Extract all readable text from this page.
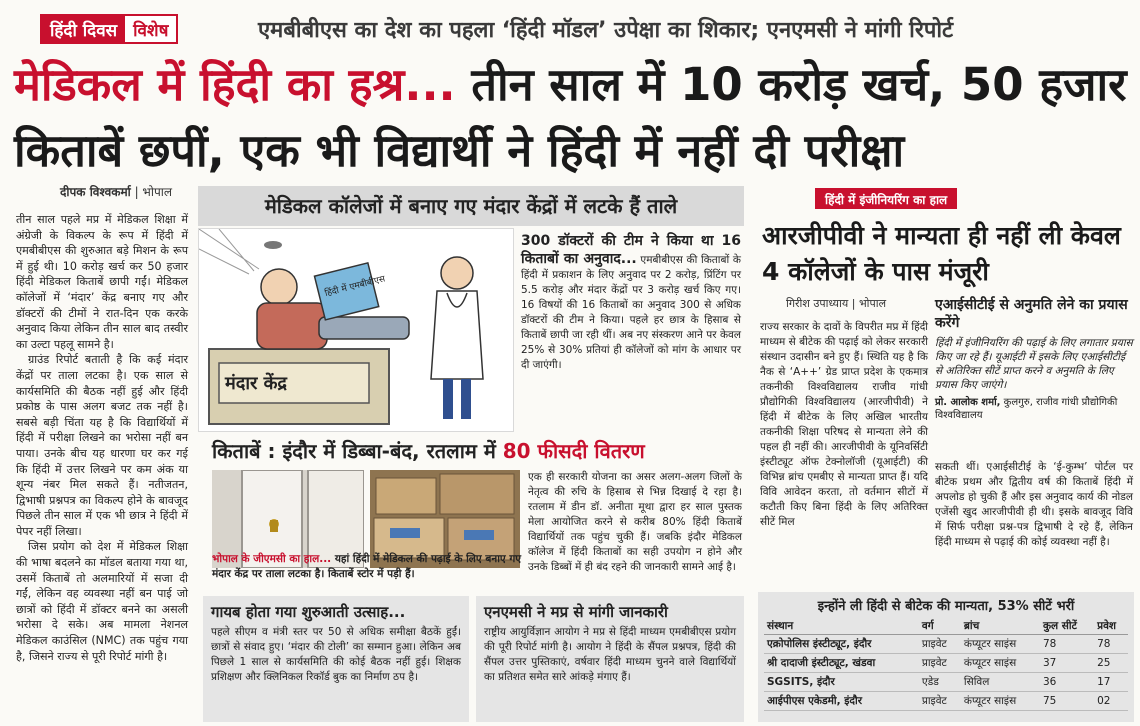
हिंदी दिवस विशेष	एमबीबीएस का देश का पहला ‘हिंदी मॉडल’ उपेक्षा का शिकार; एनएमसी ने मांगी रिपोर्ट
मेडिकल में हिंदी का हश्र... तीन साल में 10 करोड़ खर्च, 50 हजार किताबें छपीं, एक भी विद्यार्थी ने हिंदी में नहीं दी परीक्षा
दीपक विश्वकर्मा | भोपाल

तीन साल पहले मप्र में मेडिकल शिक्षा में अंग्रेजी के विकल्प के रूप में हिंदी में एमबीबीएस की शुरुआत बड़े मिशन के रूप में हुई थी। 10 करोड़ खर्च कर 50 हजार हिंदी मेडिकल किताबें छापी गईं। मेडिकल कॉलेजों में ‘मंदार’ केंद्र बनाए गए और डॉक्टरों की टीमों ने रात-दिन एक करके अनुवाद किया लेकिन तीन साल बाद तस्वीर का उल्टा पहलू सामने है।

ग्राउंड रिपोर्ट बताती है कि कई मंदार केंद्रों पर ताला लटका है। एक साल से कार्यसमिति की बैठक नहीं हुई और हिंदी प्रकोष्ठ के पास अलग बजट तक नहीं है। सबसे बड़ी चिंता यह है कि विद्यार्थियों में हिंदी में परीक्षा लिखने का भरोसा नहीं बन पाया। उनके बीच यह धारणा घर कर गई कि हिंदी में उत्तर लिखने पर कम अंक या शून्य नंबर मिल सकते हैं। नतीजतन, द्विभाषी प्रश्नपत्र का विकल्प होने के बावजूद पिछले तीन साल में एक भी छात्र ने हिंदी में पेपर नहीं लिखा।

जिस प्रयोग को देश में मेडिकल शिक्षा की भाषा बदलने का मॉडल बताया गया था, उसमें किताबें तो अलमारियों में सजा दी गईं, लेकिन वह व्यवस्था नहीं बन पाई जो छात्रों को हिंदी में डॉक्टर बनने का असली भरोसा दे सके। अब मामला नेशनल मेडिकल काउंसिल (NMC) तक पहुंच गया है, जिसने राज्य से पूरी रिपोर्ट मांगी है।

मेडिकल कॉलेजों में बनाए गए मंदार केंद्रों में लटके हैं ताले
मंदार केंद्र
हिंदी में एमबीबीएस
300 डॉक्टरों की टीम ने किया था 16 किताबों का अनुवाद... एमबीबीएस की किताबों के हिंदी में प्रकाशन के लिए अनुवाद पर 2 करोड़, प्रिंटिंग पर 5.5 करोड़ और मंदार केंद्रों पर 3 करोड़ खर्च किए गए। 16 विषयों की 16 किताबों का अनुवाद 300 से अधिक डॉक्टरों की टीम ने किया। पहले हर छात्र के हिसाब से किताबें छापी जा रही थीं। अब नए संस्करण आने पर केवल 25% से 30% प्रतियां ही कॉलेजों को मांग के आधार पर दी जाएंगी।
किताबें : इंदौर में डिब्बा-बंद, रतलाम में 80 फीसदी वितरण
भोपाल के जीएमसी का हाल... यहां हिंदी में मेडिकल की पढ़ाई के लिए बनाए गए मंदार केंद्र पर ताला लटका है। किताबें स्टोर में पड़ी हैं।
एक ही सरकारी योजना का असर अलग-अलग जिलों के नेतृत्व की रुचि के हिसाब से भिन्न दिखाई दे रहा है। रतलाम में डीन डॉ. अनीता मूथा द्वारा हर साल पुस्तक मेला आयोजित करने से करीब 80% हिंदी किताबें विद्यार्थियों तक पहुंच चुकी हैं। जबकि इंदौर मेडिकल कॉलेज में हिंदी किताबों का सही उपयोग न होने और उनके डिब्बों में ही बंद रहने की जानकारी सामने आई है।
गायब होता गया शुरुआती उत्साह...
पहले सीएम व मंत्री स्तर पर 50 से अधिक समीक्षा बैठकें हुईं। छात्रों से संवाद हुए। ‘मंदार की टोली’ का सम्मान हुआ। लेकिन अब पिछले 1 साल से कार्यसमिति की कोई बैठक नहीं हुई। शिक्षक प्रशिक्षण और क्लिनिकल रिकॉर्ड बुक का निर्माण ठप है।
एनएमसी ने मप्र से मांगी जानकारी
राष्ट्रीय आयुर्विज्ञान आयोग ने मप्र से हिंदी माध्यम एमबीबीएस प्रयोग की पूरी रिपोर्ट मांगी है। आयोग ने हिंदी के सैंपल प्रश्नपत्र, हिंदी की सैंपल उत्तर पुस्तिकाएं, वर्षवार हिंदी माध्यम चुनने वाले विद्यार्थियों का प्रतिशत समेत सारे आंकड़े मंगाए हैं।
हिंदी में इंजीनियरिंग का हाल
आरजीपीवी ने मान्यता ही नहीं ली केवल 4 कॉलेजों के पास मंजूरी
गिरीश उपाध्याय | भोपाल
राज्य सरकार के दावों के विपरीत मप्र में हिंदी माध्यम से बीटेक की पढ़ाई को लेकर सरकारी संस्थान उदासीन बने हुए हैं। स्थिति यह है कि नैक से ‘A++’ ग्रेड प्राप्त प्रदेश के एकमात्र तकनीकी विश्वविद्यालय राजीव गांधी प्रौद्योगिकी विश्वविद्यालय (आरजीपीवी) ने हिंदी में बीटेक के लिए अखिल भारतीय तकनीकी शिक्षा परिषद से मान्यता लेने की पहल ही नहीं की। आरजीपीवी के यूनिवर्सिटी इंस्टीट्यूट ऑफ टेक्नोलॉजी (यूआईटी) की विभिन्न ब्रांच एमबीए से मान्यता प्राप्त हैं। यदि विवि आवेदन करता, तो वर्तमान सीटों में कटौती किए बिना हिंदी के लिए अतिरिक्त सीटें मिल
एआईसीटीई से अनुमति लेने का प्रयास करेंगे
हिंदी में इंजीनियरिंग की पढ़ाई के लिए लगातार प्रयास किए जा रहे हैं। यूआईटी में इसके लिए एआईसीटीई से अतिरिक्त सीटें प्राप्त करने व अनुमति के लिए प्रयास किए जाएंगे।
प्रो. आलोक शर्मा, कुलगुरु, राजीव गांधी प्रौद्योगिकी विश्वविद्यालय
सकती थीं। एआईसीटीई के ‘ई-कुम्भ’ पोर्टल पर बीटेक प्रथम और द्वितीय वर्ष की किताबें हिंदी में अपलोड हो चुकी हैं और इस अनुवाद कार्य की नोडल एजेंसी खुद आरजीपीवी ही थी। इसके बावजूद विवि में सिर्फ परीक्षा प्रश्न-पत्र द्विभाषी दे रहे हैं, लेकिन हिंदी माध्यम से पढ़ाई की कोई व्यवस्था नहीं है।
इन्होंने ली हिंदी से बीटेक की मान्यता, 53% सीटें भरीं
संस्थान	वर्ग	ब्रांच	कुल सीटें	प्रवेश
एक्रोपोलिस इंस्टीट्यूट, इंदौर	प्राइवेट	कंप्यूटर साइंस	78	78
श्री दादाजी इंस्टीट्यूट, खंडवा	प्राइवेट	कंप्यूटर साइंस	37	25
SGSITS, इंदौर	एडेड	सिविल	36	17
आईपीएस एकेडमी, इंदौर	प्राइवेट	कंप्यूटर साइंस	75	02
